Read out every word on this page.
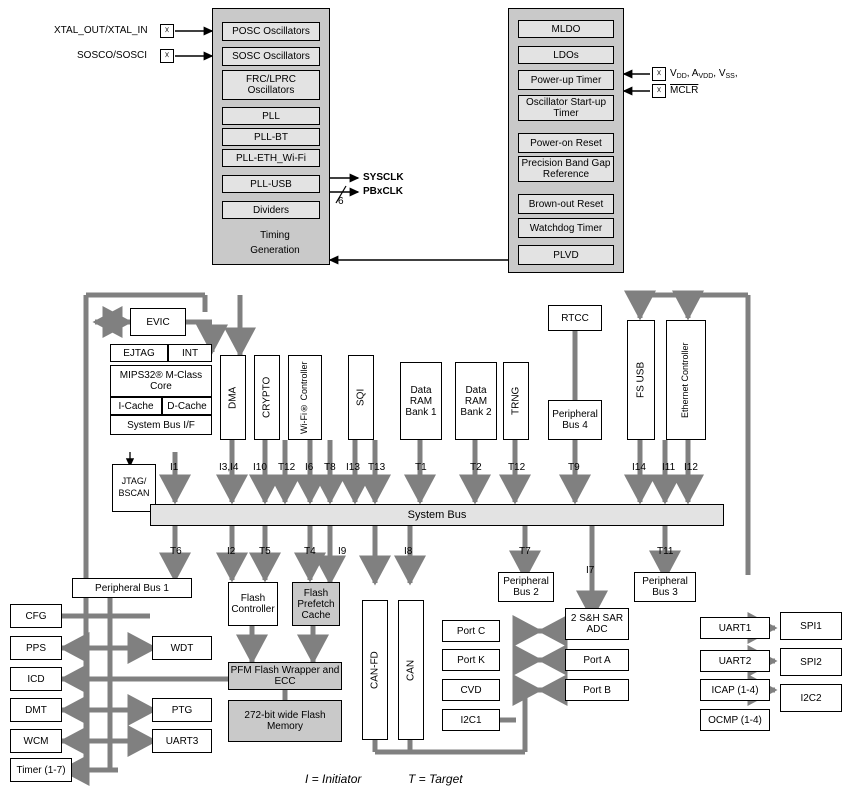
XTAL_OUT/XTAL_IN
SOSCO/SOSCI
☓
☓
POSC Oscillators
SOSC Oscillators
FRC/LPRC Oscillators
PLL
PLL-BT
PLL-ETH_Wi-Fi
PLL-USB
Dividers
Timing
Generation
SYSCLK
PBxCLK
6
MLDO
LDOs
Power-up Timer
Oscillator Start-up Timer
Power-on Reset
Precision Band Gap Reference
Brown-out Reset
Watchdog Timer
PLVD
☓
☓
$V_{DD}$, $A_{VDD}$, $V_{SS}$,
MCLR
EVIC
EJTAG	INT
MIPS32® M-Class Core
I-Cache	D-Cache
System Bus I/F
JTAG/ BSCAN
DMA	CRYPTO	Wi-Fi® Controller	SQI	Data RAM Bank 1
Data RAM Bank 2	TRNG
RTCC
Peripheral Bus 4
FS USB	Ethernet Controller
I1	I3,I4 I10 T12 I6 T8 I13 T13	T1	T2	T12	T9	I14 I11 I12
System Bus
T6	I2 T5	T4 I9	I8	T7
I7
T11
Peripheral Bus 1
Peripheral Bus 2
Peripheral Bus 3
Flash Controller
Flash Prefetch Cache
PFM Flash Wrapper and ECC
272-bit wide Flash Memory
CFG
PPS
ICD
DMT
WCM
Timer (1-7)
WDT
PTG
UART3
CAN-FD	CAN
Port C
Port K
CVD
I2C1
2 S&H SAR ADC
Port A
Port B
UART1
UART2
ICAP (1-4)
OCMP (1-4)
SPI1
SPI2
I2C2
I = Initiator	T = Target
